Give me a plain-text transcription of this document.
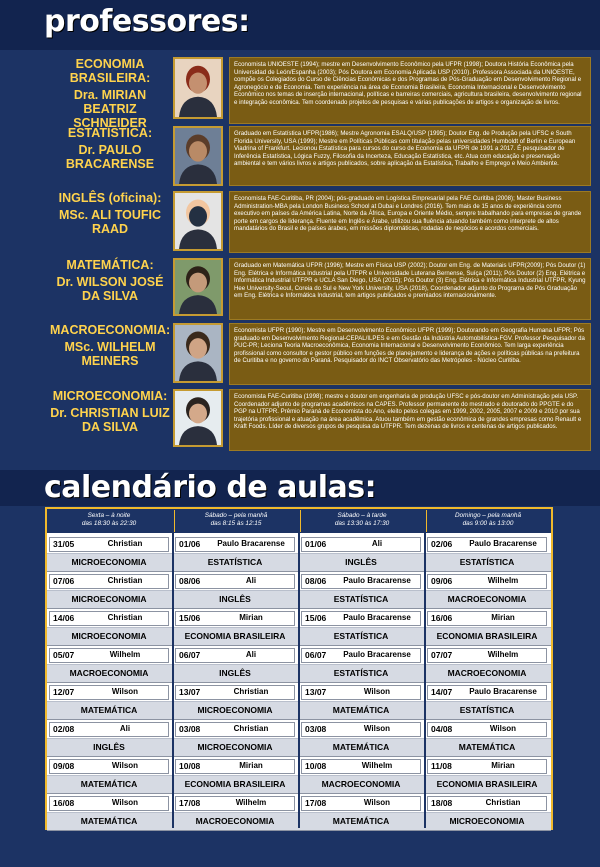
professores:
ECONOMIA BRASILEIRA:
Dra. MIRIAN BEATRIZ SCHNEIDER
Economista UNIOESTE (1994); mestre em Desenvolvimento Econômico pela UFPR (1998); Doutora História Econômica pela Universidad de León/Espanha (2003); Pós Doutora em Economia Aplicada USP (2010). Professora Associada da UNIOESTE, compõe os Colegiados do Curso de Ciências Econômicas e dos Programas de Pós-Graduação em Desenvolvimento Regional e Agronegócio e de Economia. Tem experiência na área de Economia Brasileira, Economia Internacional e Desenvolvimento Econômico nos temas de inserção internacional, políticas e barreiras comerciais, agricultura brasileira, desenvolvimento regional e integração econômica. Tem coordenado projetos de pesquisas e várias publicações de artigos e organização de livros.
ESTATÍSTICA:
Dr. PAULO BRACARENSE
Graduado em Estatística UFPR(1986); Mestre Agronomia ESALQ/USP (1995); Doutor Eng. de Produção pela UFSC e South Florida University, USA (1999); Mestre em Políticas Públicas com titulação pelas universidades Humboldt of Berlin e European Viadrina of Frankfurt. Lecionou Estatística para cursos do curso de Economia da UFPR de 1991 a 2017. É pesquisador de Inferência Estatística, Lógica Fuzzy, Filosofia da Incerteza, Educação Estatística, etc. Atua com educação e preservação ambiental e tem vários livros e artigos publicados, sobre aplicação da Estatística, Trabalho e Emprego e Meio Ambiente.
INGLÊS (oficina):
MSc. ALI TOUFIC RAAD
Economista FAE-Curitiba, PR (2004); pós-graduado em Logística Empresarial pela FAE Curitiba (2008); Master Business Administration-MBA pela London Business School at Dubai e Londres (2016). Tem mais de 15 anos de experiência como executivo em países da América Latina, Norte da África, Europa e Oriente Médio, sempre trabalhando para empresas de grande porte em cargos de liderança. Fluente em Inglês e Árabe, utilizou sua fluência atuando também como interprete de altos mandatários do Brasil e de países árabes, em missões diplomáticas, rodadas de negócios e acordos comerciais.
MATEMÁTICA:
Dr. WILSON JOSÉ DA SILVA
Graduado em Matemática UFPR (1996); Mestre em Física USP (2002); Doutor em Eng. de Materiais UFPR(2009); Pós Doutor (1) Eng. Elétrica e Informática Industrial pela UTFPR e Universidade Luterana Bernense, Suíça (2011); Pós Doutor (2) Eng. Elétrica e Informática Industrial UTFPR e UCLA San Diego, USA (2015); Pós Doutor (3) Eng. Elétrica e Informática Industrial UTFPR, Kyung Hee University-Seoul, Coreia do Sul e New York University, USA (2018), Coordenador adjunto do Programa de Pós Graduação em Eng. Elétrica e Informática Industrial, tem artigos publicados e premiados internacionalmente.
MACROECONOMIA:
MSc. WILHELM MEINERS
Economista UFPR (1990); Mestre em Desenvolvimento Econômico UFPR (1999); Doutorando em Geografia Humana UFPR; Pós graduado em Desenvolvimento Regional-CEPAL/ILPES e em Gestão da Indústria Automobilística-FGV. Professor Pesquisador da PUC-PR; Leciona Teoria Macroeconômica, Economia Internacional e Desenvolvimento Econômico. Tem larga experiência profissional como consultor e gestor público em funções de planejamento e liderança de ações e políticas públicas na prefeitura de Curitiba e no governo do Paraná. Pesquisador do INCT Observatório das Metrópoles - Núcleo Curitiba.
MICROECONOMIA:
Dr. CHRISTIAN LUIZ DA SILVA
Economista FAE-Curitiba (1998); mestre e doutor em engenharia de produção UFSC e pós-doutor em Administração pela USP. Coordenador adjunto de programas acadêmicos na CAPES. Professor permanente do mestrado e doutorado do PPGTE e do PGP na UTFPR. Prêmio Paraná de Economista do Ano, eleito pelos colegas em 1999, 2002, 2005, 2007 e 2009 e 2010 por sua trajetória profissional e atuação na área acadêmica. Atuou também em gestão econômica de grandes empresas como Renault e Kraft Foods. Líder de diversos grupos de pesquisa da UTFPR. Tem dezenas de livros e centenas de artigos publicados.
calendário de aulas:
Sexta – à noite
das 18:30 às 22:30
Sábado – pela manhã
das 8:15 às 12:15
Sábado – à tarde
das 13:30 às 17:30
Domingo – pela manhã
das 9:00 às 13:00
31/05	Christian	01/06	Paulo Bracarense	01/06	Ali	02/06	Paulo Bracarense
MICROECONOMIA	ESTATÍSTICA	INGLÊS	ESTATÍSTICA
07/06	Christian	08/06	Ali	08/06	Paulo Bracarense	09/06	Wilhelm
MICROECONOMIA	INGLÊS	ESTATÍSTICA	MACROECONOMIA
14/06	Christian	15/06	Mirian	15/06	Paulo Bracarense	16/06	Mirian
MICROECONOMIA	ECONOMIA BRASILEIRA	ESTATÍSTICA	ECONOMIA BRASILEIRA
05/07	Wilhelm	06/07	Ali	06/07	Paulo Bracarense	07/07	Wilhelm
MACROECONOMIA	INGLÊS	ESTATÍSTICA	MACROECONOMIA
12/07	Wilson	13/07	Christian	13/07	Wilson	14/07	Paulo Bracarense
MATEMÁTICA	MICROECONOMIA	MATEMÁTICA	ESTATÍSTICA
02/08	Ali	03/08	Christian	03/08	Wilson	04/08	Wilson
INGLÊS	MICROECONOMIA	MATEMÁTICA	MATEMÁTICA
09/08	Wilson	10/08	Mirian	10/08	Wilhelm	11/08	Mirian
MATEMÁTICA	ECONOMIA BRASILEIRA	MACROECONOMIA	ECONOMIA BRASILEIRA
16/08	Wilson	17/08	Wilhelm	17/08	Wilson	18/08	Christian
MATEMÁTICA	MACROECONOMIA	MATEMÁTICA	MICROECONOMIA
